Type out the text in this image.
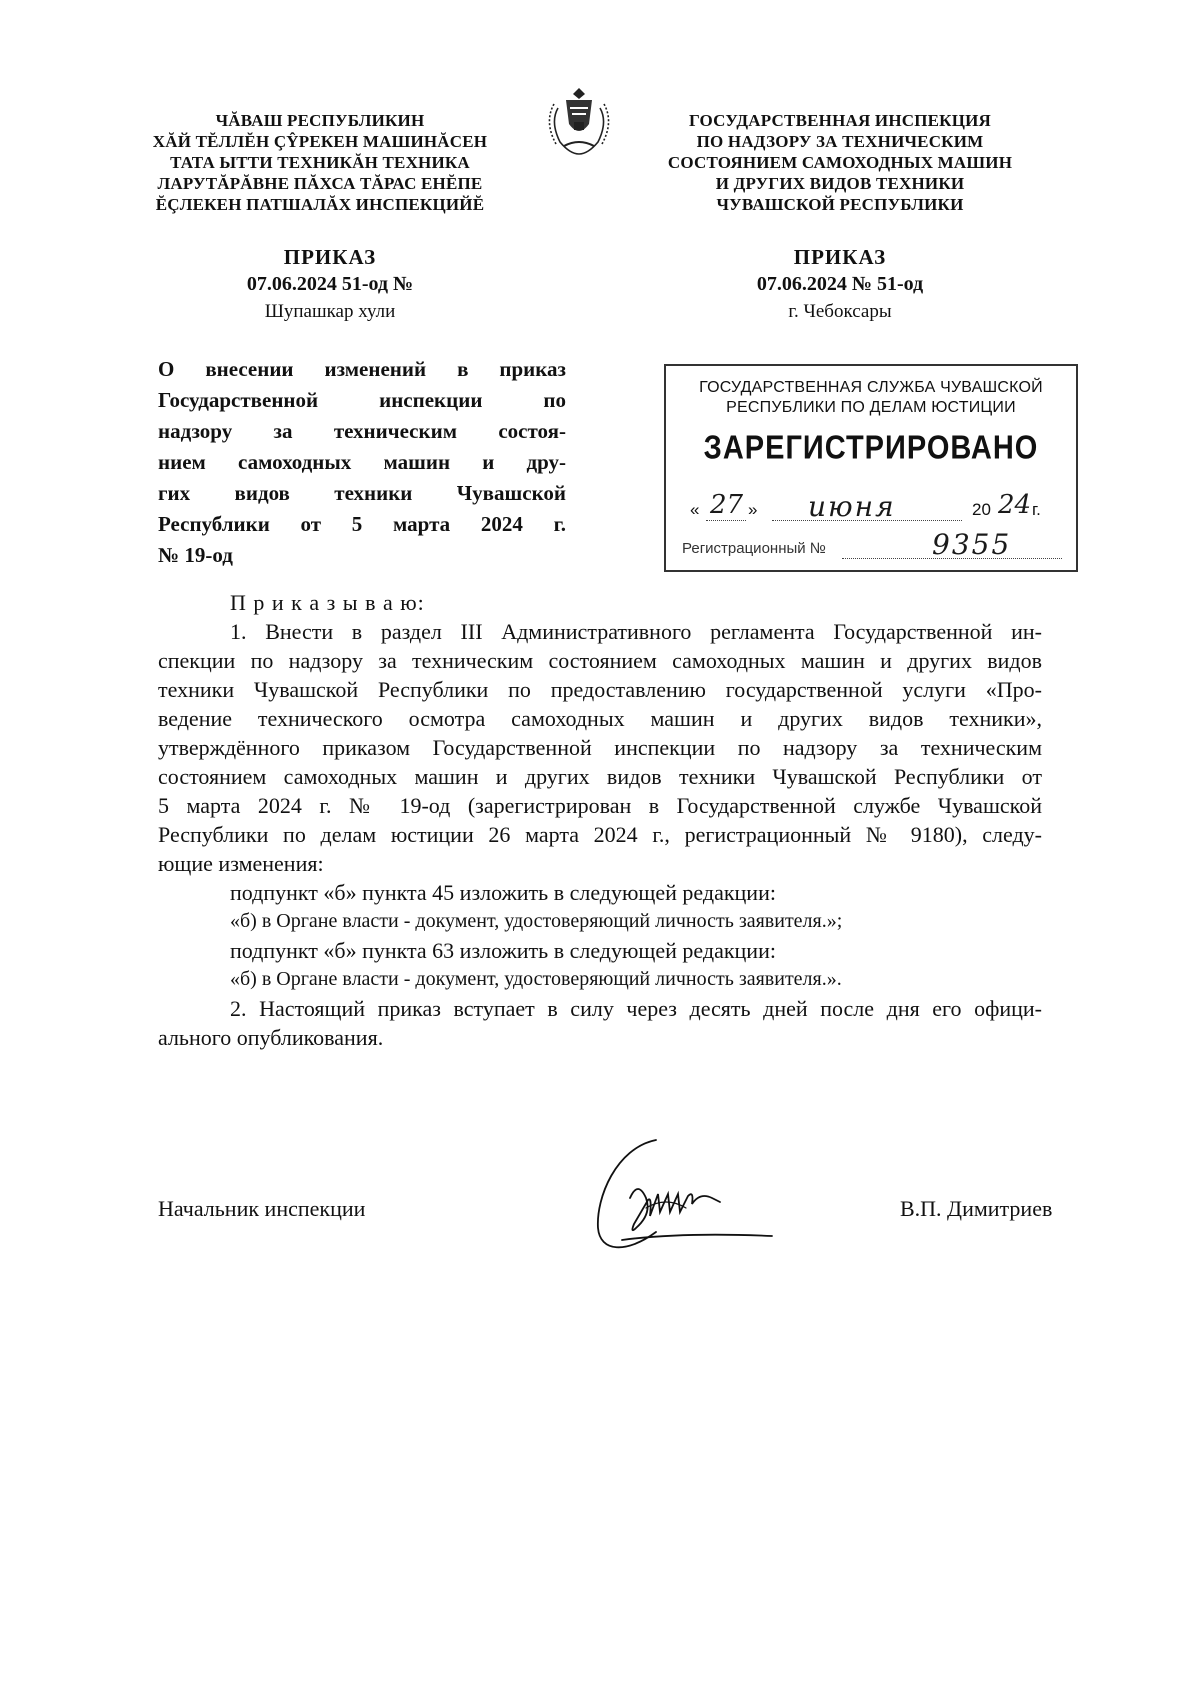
ЧĂВАШ РЕСПУБЛИКИН
ХĂЙ ТĔЛЛĔН ÇŶРЕКЕН МАШИНĂСЕН
ТАТА ЫТТИ ТЕХНИКĂН ТЕХНИКА
ЛАРУТĂРĂВНЕ ПĂХСА ТĂРАС ЕНĔПЕ
ĔÇЛЕКЕН ПАТШАЛĂХ ИНСПЕКЦИЙĔ
ГОСУДАРСТВЕННАЯ ИНСПЕКЦИЯ
ПО НАДЗОРУ ЗА ТЕХНИЧЕСКИМ
СОСТОЯНИЕМ САМОХОДНЫХ МАШИН
И ДРУГИХ ВИДОВ ТЕХНИКИ
ЧУВАШСКОЙ РЕСПУБЛИКИ
ПРИКАЗ
07.06.2024 51-од №
Шупашкар хули
ПРИКАЗ
07.06.2024 № 51-од
г. Чебоксары
О внесении изменений в приказ
Государственной инспекции по
надзору за техническим состоя-
нием самоходных машин и дру-
гих видов техники Чувашской
Республики от 5 марта 2024 г.
№ 19-од
ГОСУДАРСТВЕННАЯ СЛУЖБА ЧУВАШСКОЙ
РЕСПУБЛИКИ ПО ДЕЛАМ ЮСТИЦИИ
ЗАРЕГИСТРИРОВАНО
« 27 » июня	20 24 г.
Регистрационный №	9355
П р и к а з ы в а ю:
1. Внести в раздел III Административного регламента Государственной ин-
спекции по надзору за техническим состоянием самоходных машин и других видов
техники Чувашской Республики по предоставлению государственной услуги «Про-
ведение технического осмотра самоходных машин и других видов техники»,
утверждённого приказом Государственной инспекции по надзору за техническим
состоянием самоходных машин и других видов техники Чувашской Республики от
5 марта 2024 г. № 19-од (зарегистрирован в Государственной службе Чувашской
Республики по делам юстиции 26 марта 2024 г., регистрационный № 9180), следу-
ющие изменения:
подпункт «б» пункта 45 изложить в следующей редакции:
«б) в Органе власти - документ, удостоверяющий личность заявителя.»;
подпункт «б» пункта 63 изложить в следующей редакции:
«б) в Органе власти - документ, удостоверяющий личность заявителя.».
2. Настоящий приказ вступает в силу через десять дней после дня его офици-
ального опубликования.
Начальник инспекции	В.П. Димитриев
